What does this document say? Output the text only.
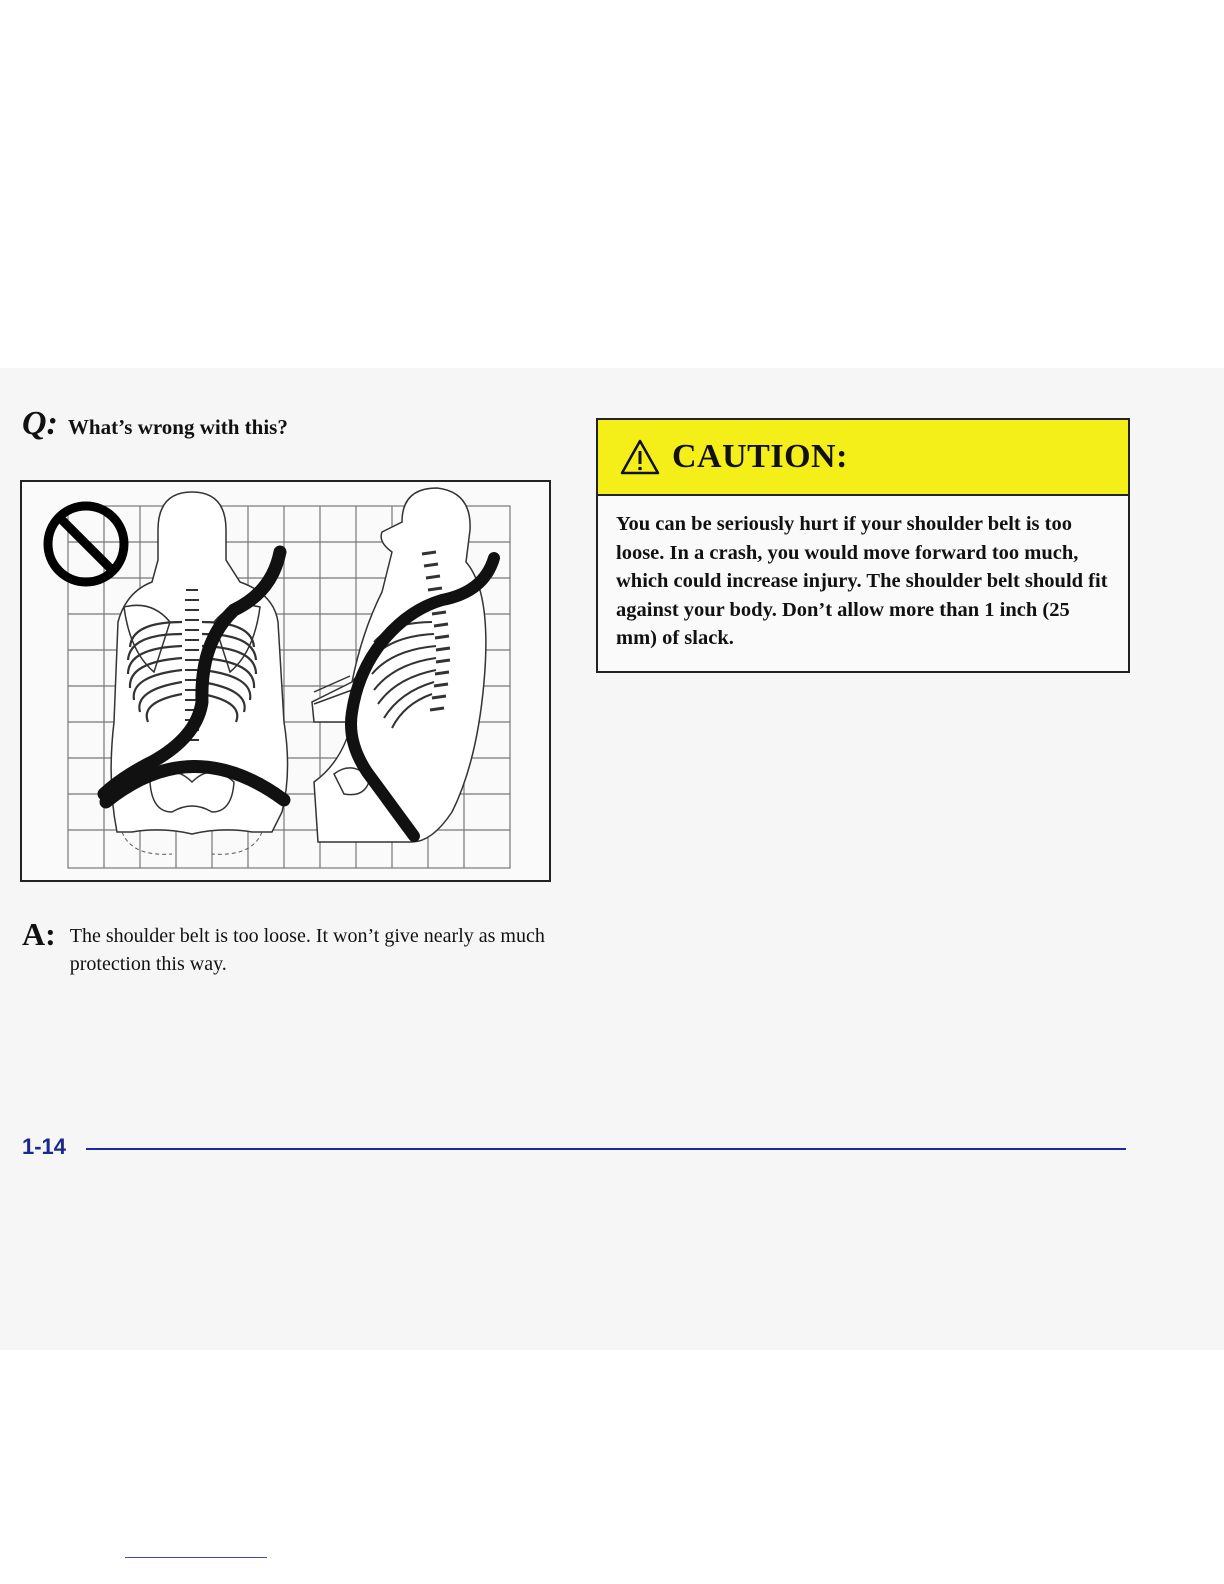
Q: What’s wrong with this?
A: The shoulder belt is too loose. It won’t give nearly as much protection this way.
CAUTION:
You can be seriously hurt if your shoulder belt is too loose. In a crash, you would move forward too much, which could increase injury. The shoulder belt should fit against your body. Don’t allow more than 1 inch (25 mm) of slack.
1-14
